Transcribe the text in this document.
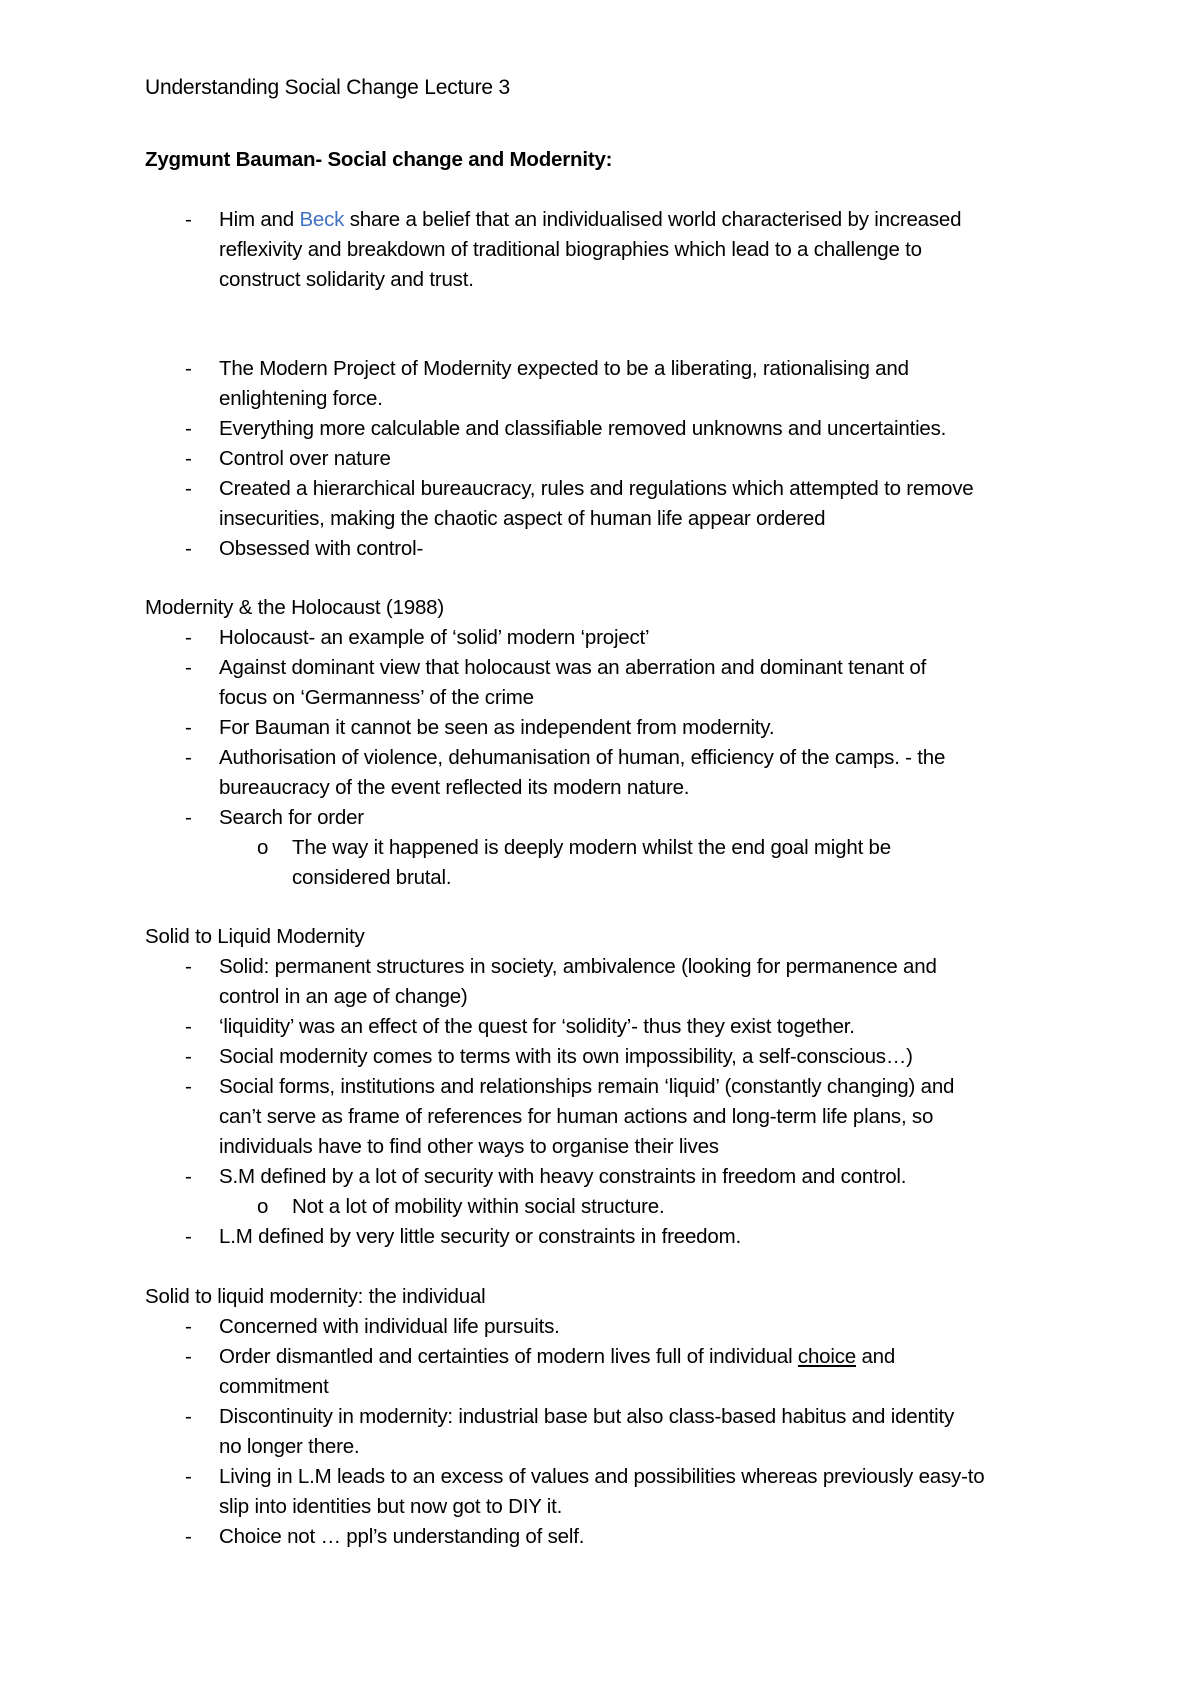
Understanding Social Change Lecture 3
Zygmunt Bauman- Social change and Modernity:
- Him and Beck share a belief that an individualised world characterised by increased
reflexivity and breakdown of traditional biographies which lead to a challenge to
construct solidarity and trust.
- The Modern Project of Modernity expected to be a liberating, rationalising and
enlightening force.
- Everything more calculable and classifiable removed unknowns and uncertainties.
- Control over nature
- Created a hierarchical bureaucracy, rules and regulations which attempted to remove
insecurities, making the chaotic aspect of human life appear ordered
- Obsessed with control-
Modernity & the Holocaust (1988)
- Holocaust- an example of ‘solid’ modern ‘project’
- Against dominant view that holocaust was an aberration and dominant tenant of
focus on ‘Germanness’ of the crime
- For Bauman it cannot be seen as independent from modernity.
- Authorisation of violence, dehumanisation of human, efficiency of the camps. - the
bureaucracy of the event reflected its modern nature.
- Search for order
o The way it happened is deeply modern whilst the end goal might be
considered brutal.
Solid to Liquid Modernity
- Solid: permanent structures in society, ambivalence (looking for permanence and
control in an age of change)
- ‘liquidity’ was an effect of the quest for ‘solidity’- thus they exist together.
- Social modernity comes to terms with its own impossibility, a self-conscious…)
- Social forms, institutions and relationships remain ‘liquid’ (constantly changing) and
can’t serve as frame of references for human actions and long-term life plans, so
individuals have to find other ways to organise their lives
- S.M defined by a lot of security with heavy constraints in freedom and control.
o Not a lot of mobility within social structure.
- L.M defined by very little security or constraints in freedom.
Solid to liquid modernity: the individual
- Concerned with individual life pursuits.
- Order dismantled and certainties of modern lives full of individual choice and
commitment
- Discontinuity in modernity: industrial base but also class-based habitus and identity
no longer there.
- Living in L.M leads to an excess of values and possibilities whereas previously easy-to
slip into identities but now got to DIY it.
- Choice not … ppl’s understanding of self.
